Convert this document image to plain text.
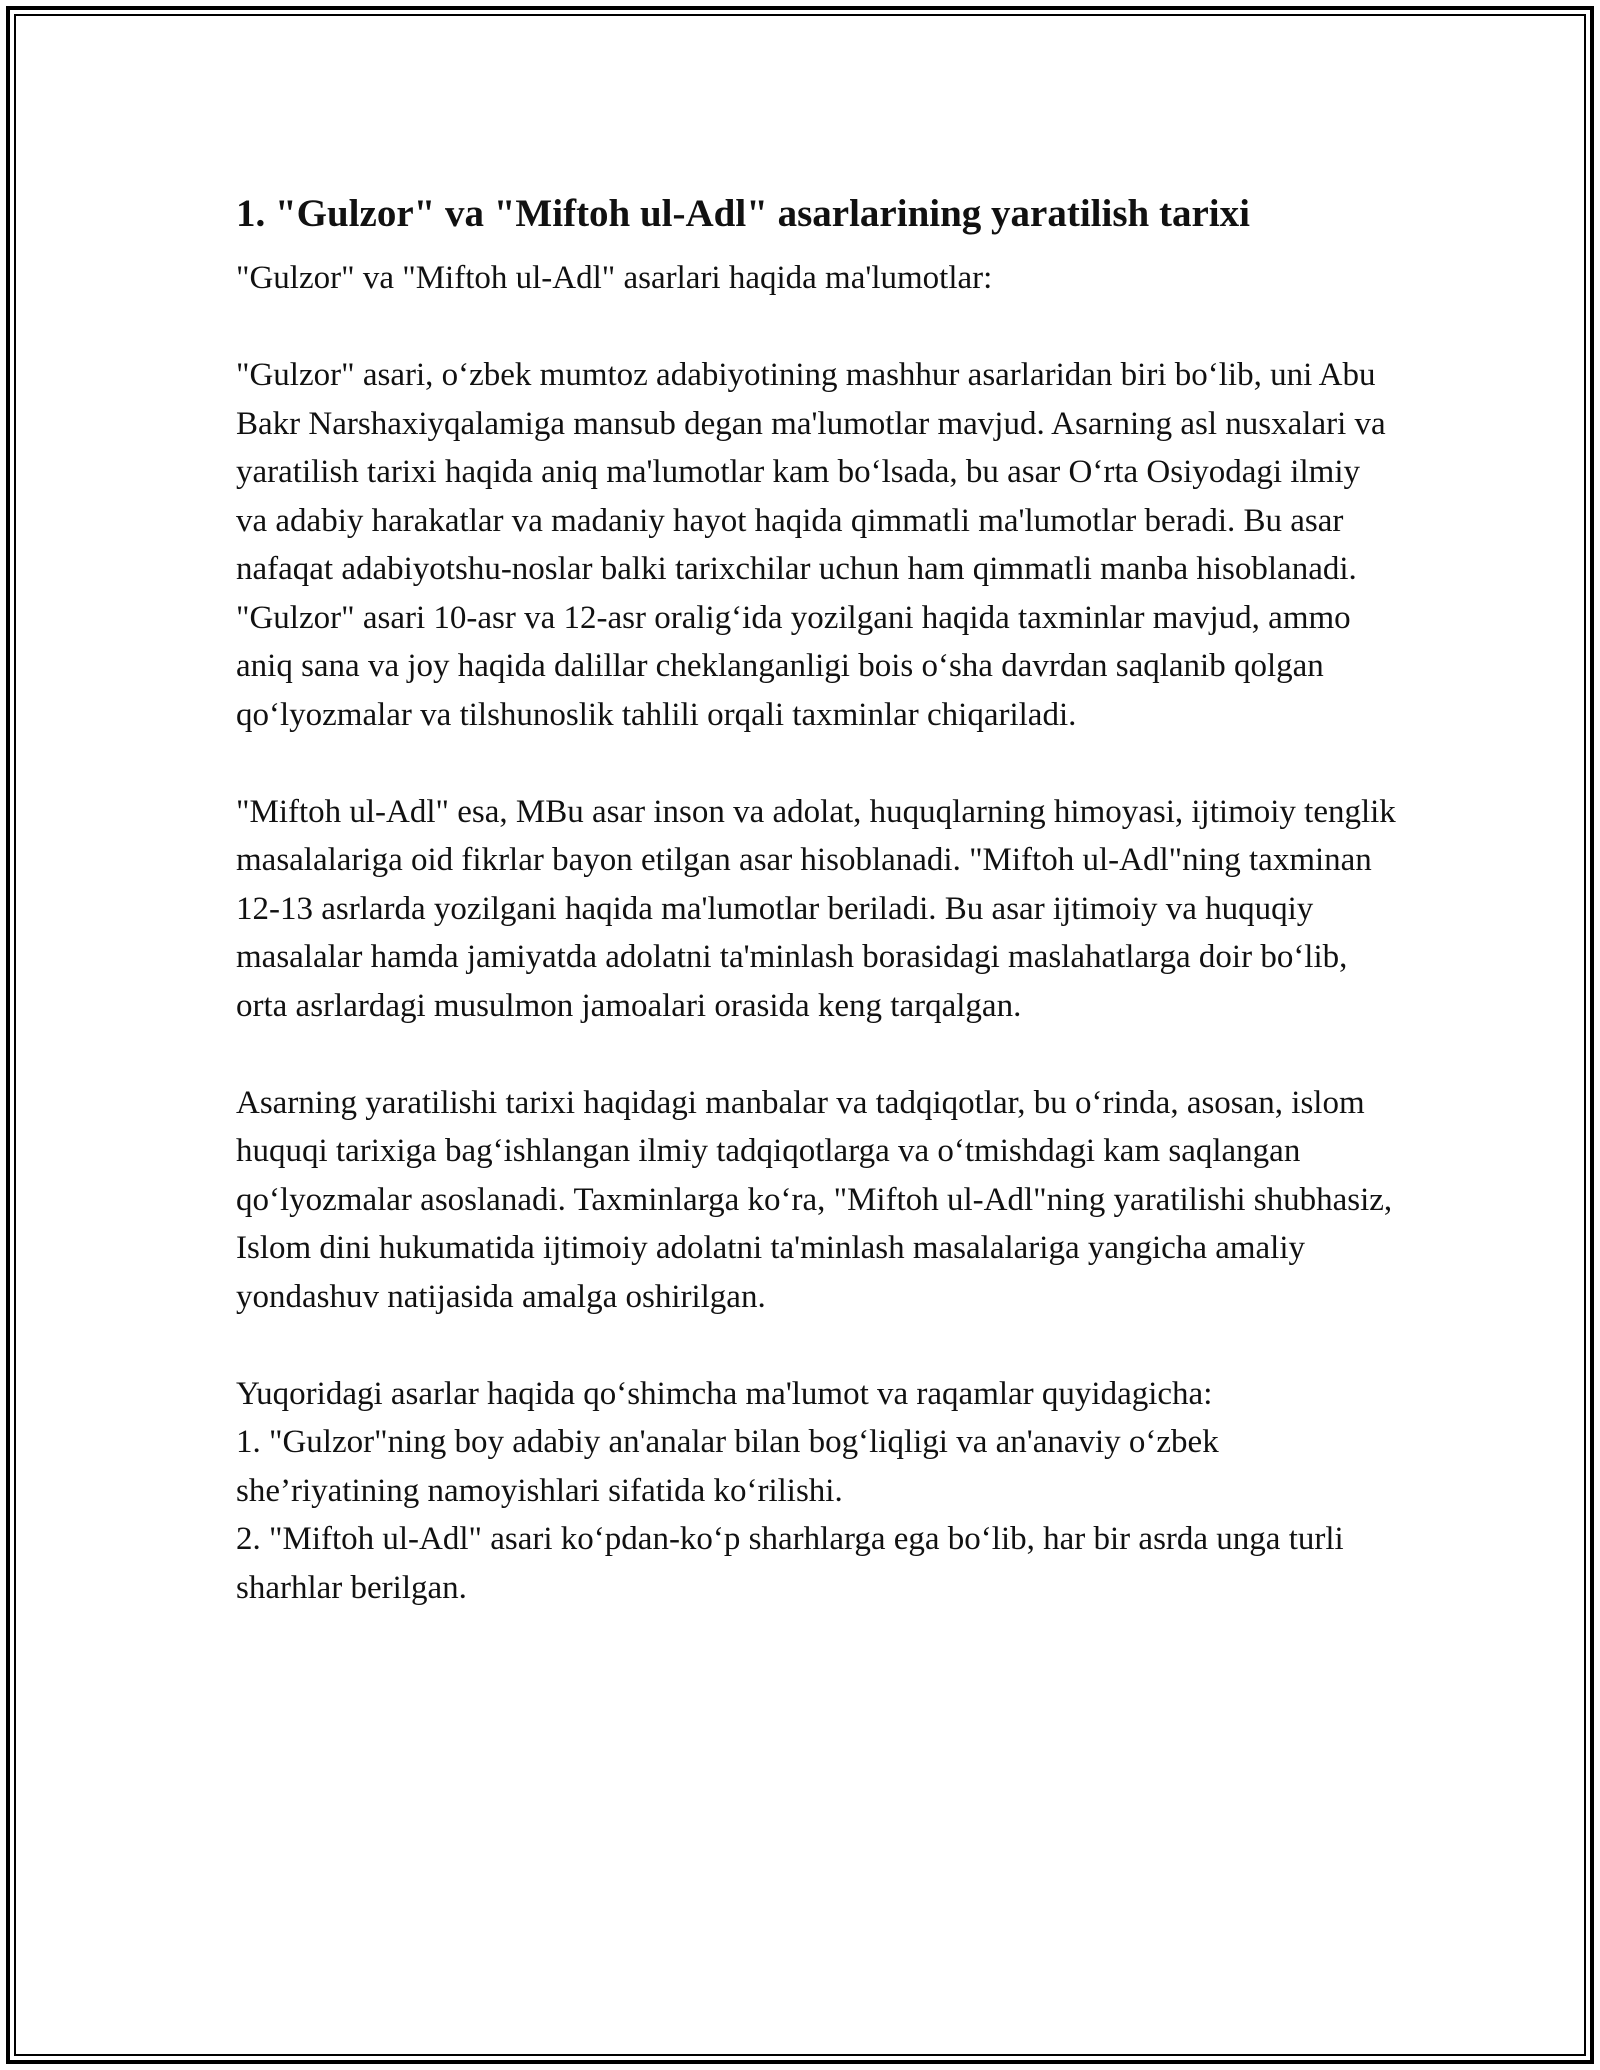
1. "Gulzor" va "Miftoh ul-Adl" asarlarining yaratilish tarixi

"Gulzor" va "Miftoh ul-Adl" asarlari haqida ma'lumotlar:

"Gulzor" asari, o‘zbek mumtoz adabiyotining mashhur asarlaridan biri bo‘lib, uni Abu Bakr Narshaxiyqalamiga mansub degan ma'lumotlar mavjud. Asarning asl nusxalari va yaratilish tarixi haqida aniq ma'lumotlar kam bo‘lsada, bu asar O‘rta Osiyodagi ilmiy va adabiy harakatlar va madaniy hayot haqida qimmatli ma'lumotlar beradi. Bu asar nafaqat adabiyotshu-noslar balki tarixchilar uchun ham qimmatli manba hisoblanadi. "Gulzor" asari 10-asr va 12-asr oralig‘ida yozilgani haqida taxminlar mavjud, ammo aniq sana va joy haqida dalillar cheklanganligi bois o‘sha davrdan saqlanib qolgan qo‘lyozmalar va tilshunoslik tahlili orqali taxminlar chiqariladi.

"Miftoh ul-Adl" esa, MBu asar inson va adolat, huquqlarning himoyasi, ijtimoiy tenglik masalalariga oid fikrlar bayon etilgan asar hisoblanadi. "Miftoh ul-Adl"ning taxminan 12-13 asrlarda yozilgani haqida ma'lumotlar beriladi. Bu asar ijtimoiy va huquqiy masalalar hamda jamiyatda adolatni ta'minlash borasidagi maslahatlarga doir bo‘lib, orta asrlardagi musulmon jamoalari orasida keng tarqalgan.

Asarning yaratilishi tarixi haqidagi manbalar va tadqiqotlar, bu o‘rinda, asosan, islom huquqi tarixiga bag‘ishlangan ilmiy tadqiqotlarga va o‘tmishdagi kam saqlangan qo‘lyozmalar asoslanadi. Taxminlarga ko‘ra, "Miftoh ul-Adl"ning yaratilishi shubhasiz, Islom dini hukumatida ijtimoiy adolatni ta'minlash masalalariga yangicha amaliy yondashuv natijasida amalga oshirilgan.

Yuqoridagi asarlar haqida qo‘shimcha ma'lumot va raqamlar quyidagicha:

1. "Gulzor"ning boy adabiy an'analar bilan bog‘liqligi va an'anaviy o‘zbek she’riyatining namoyishlari sifatida ko‘rilishi.

2. "Miftoh ul-Adl" asari ko‘pdan-ko‘p sharhlarga ega bo‘lib, har bir asrda unga turli sharhlar berilgan.
